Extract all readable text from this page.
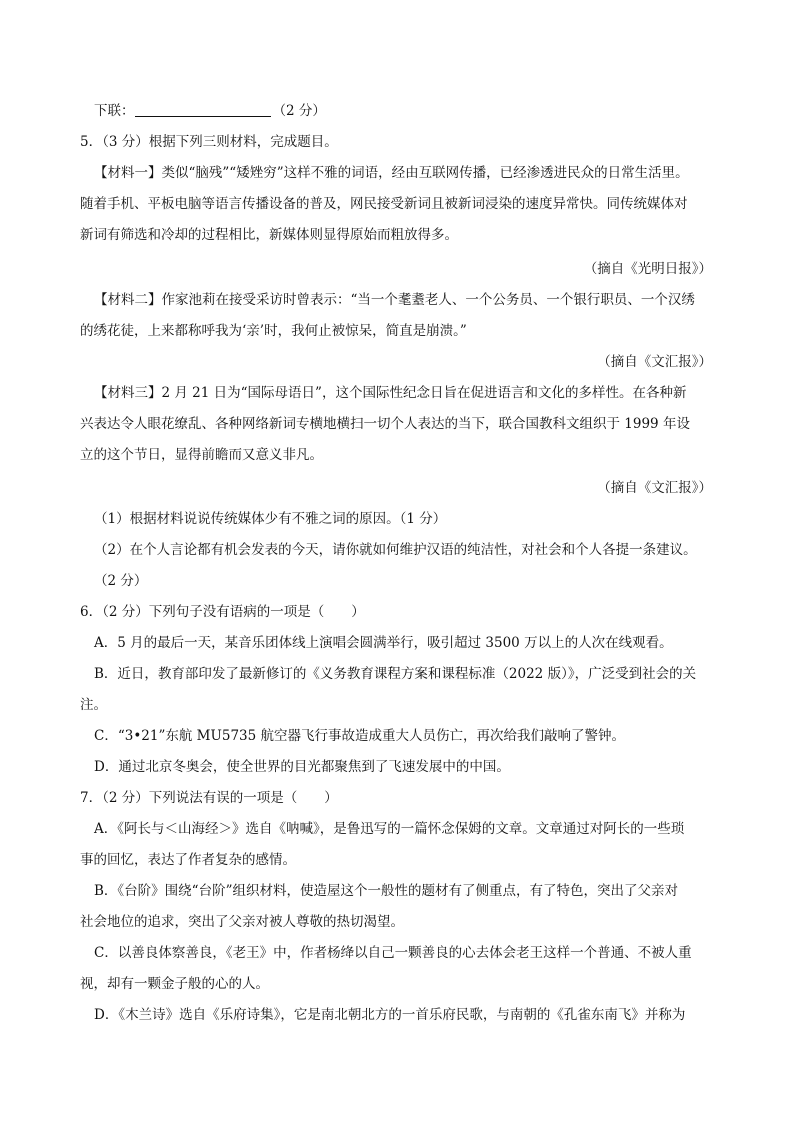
下联：	（2 分）
5．（3 分）根据下列三则材料，完成题目。
【材料一】类似“脑残”“矮矬穷”这样不雅的词语，经由互联网传播，已经渗透进民众的日常生活里。
随着手机、平板电脑等语言传播设备的普及，网民接受新词且被新词浸染的速度异常快。同传统媒体对
新词有筛选和冷却的过程相比，新媒体则显得原始而粗放得多。
（摘自《光明日报》）
【材料二】作家池莉在接受采访时曾表示：“当一个耄耋老人、一个公务员、一个银行职员、一个汉绣
的绣花徒，上来都称呼我为‘亲’时，我何止被惊呆，简直是崩溃。”
（摘自《文汇报》）
【材料三】2 月 21 日为“国际母语日”，这个国际性纪念日旨在促进语言和文化的多样性。在各种新
兴表达令人眼花缭乱、各种网络新词专横地横扫一切个人表达的当下，联合国教科文组织于 1999 年设
立的这个节日，显得前瞻而又意义非凡。
（摘自《文汇报》）
（1）根据材料说说传统媒体少有不雅之词的原因。（1 分）
（2）在个人言论都有机会发表的今天，请你就如何维护汉语的纯洁性，对社会和个人各提一条建议。
（2 分）
6．（2 分）下列句子没有语病的一项是（　　）
A．5 月的最后一天，某音乐团体线上演唱会圆满举行，吸引超过 3500 万以上的人次在线观看。
B．近日，教育部印发了最新修订的《义务教育课程方案和课程标准（2022 版）》，广泛受到社会的关
注。
C．“3•21”东航 MU5735 航空器飞行事故造成重大人员伤亡，再次给我们敲响了警钟。
D．通过北京冬奥会，使全世界的目光都聚焦到了飞速发展中的中国。
7．（2 分）下列说法有误的一项是（　　）
A．《阿长与＜山海经＞》选自《呐喊》，是鲁迅写的一篇怀念保姆的文章。文章通过对阿长的一些琐
事的回忆，表达了作者复杂的感情。
B．《台阶》围绕“台阶”组织材料，使造屋这个一般性的题材有了侧重点，有了特色，突出了父亲对
社会地位的追求，突出了父亲对被人尊敬的热切渴望。
C．以善良体察善良，《老王》中，作者杨绛以自己一颗善良的心去体会老王这样一个普通、不被人重
视，却有一颗金子般的心的人。
D．《木兰诗》选自《乐府诗集》，它是南北朝北方的一首乐府民歌，与南朝的《孔雀东南飞》并称为
